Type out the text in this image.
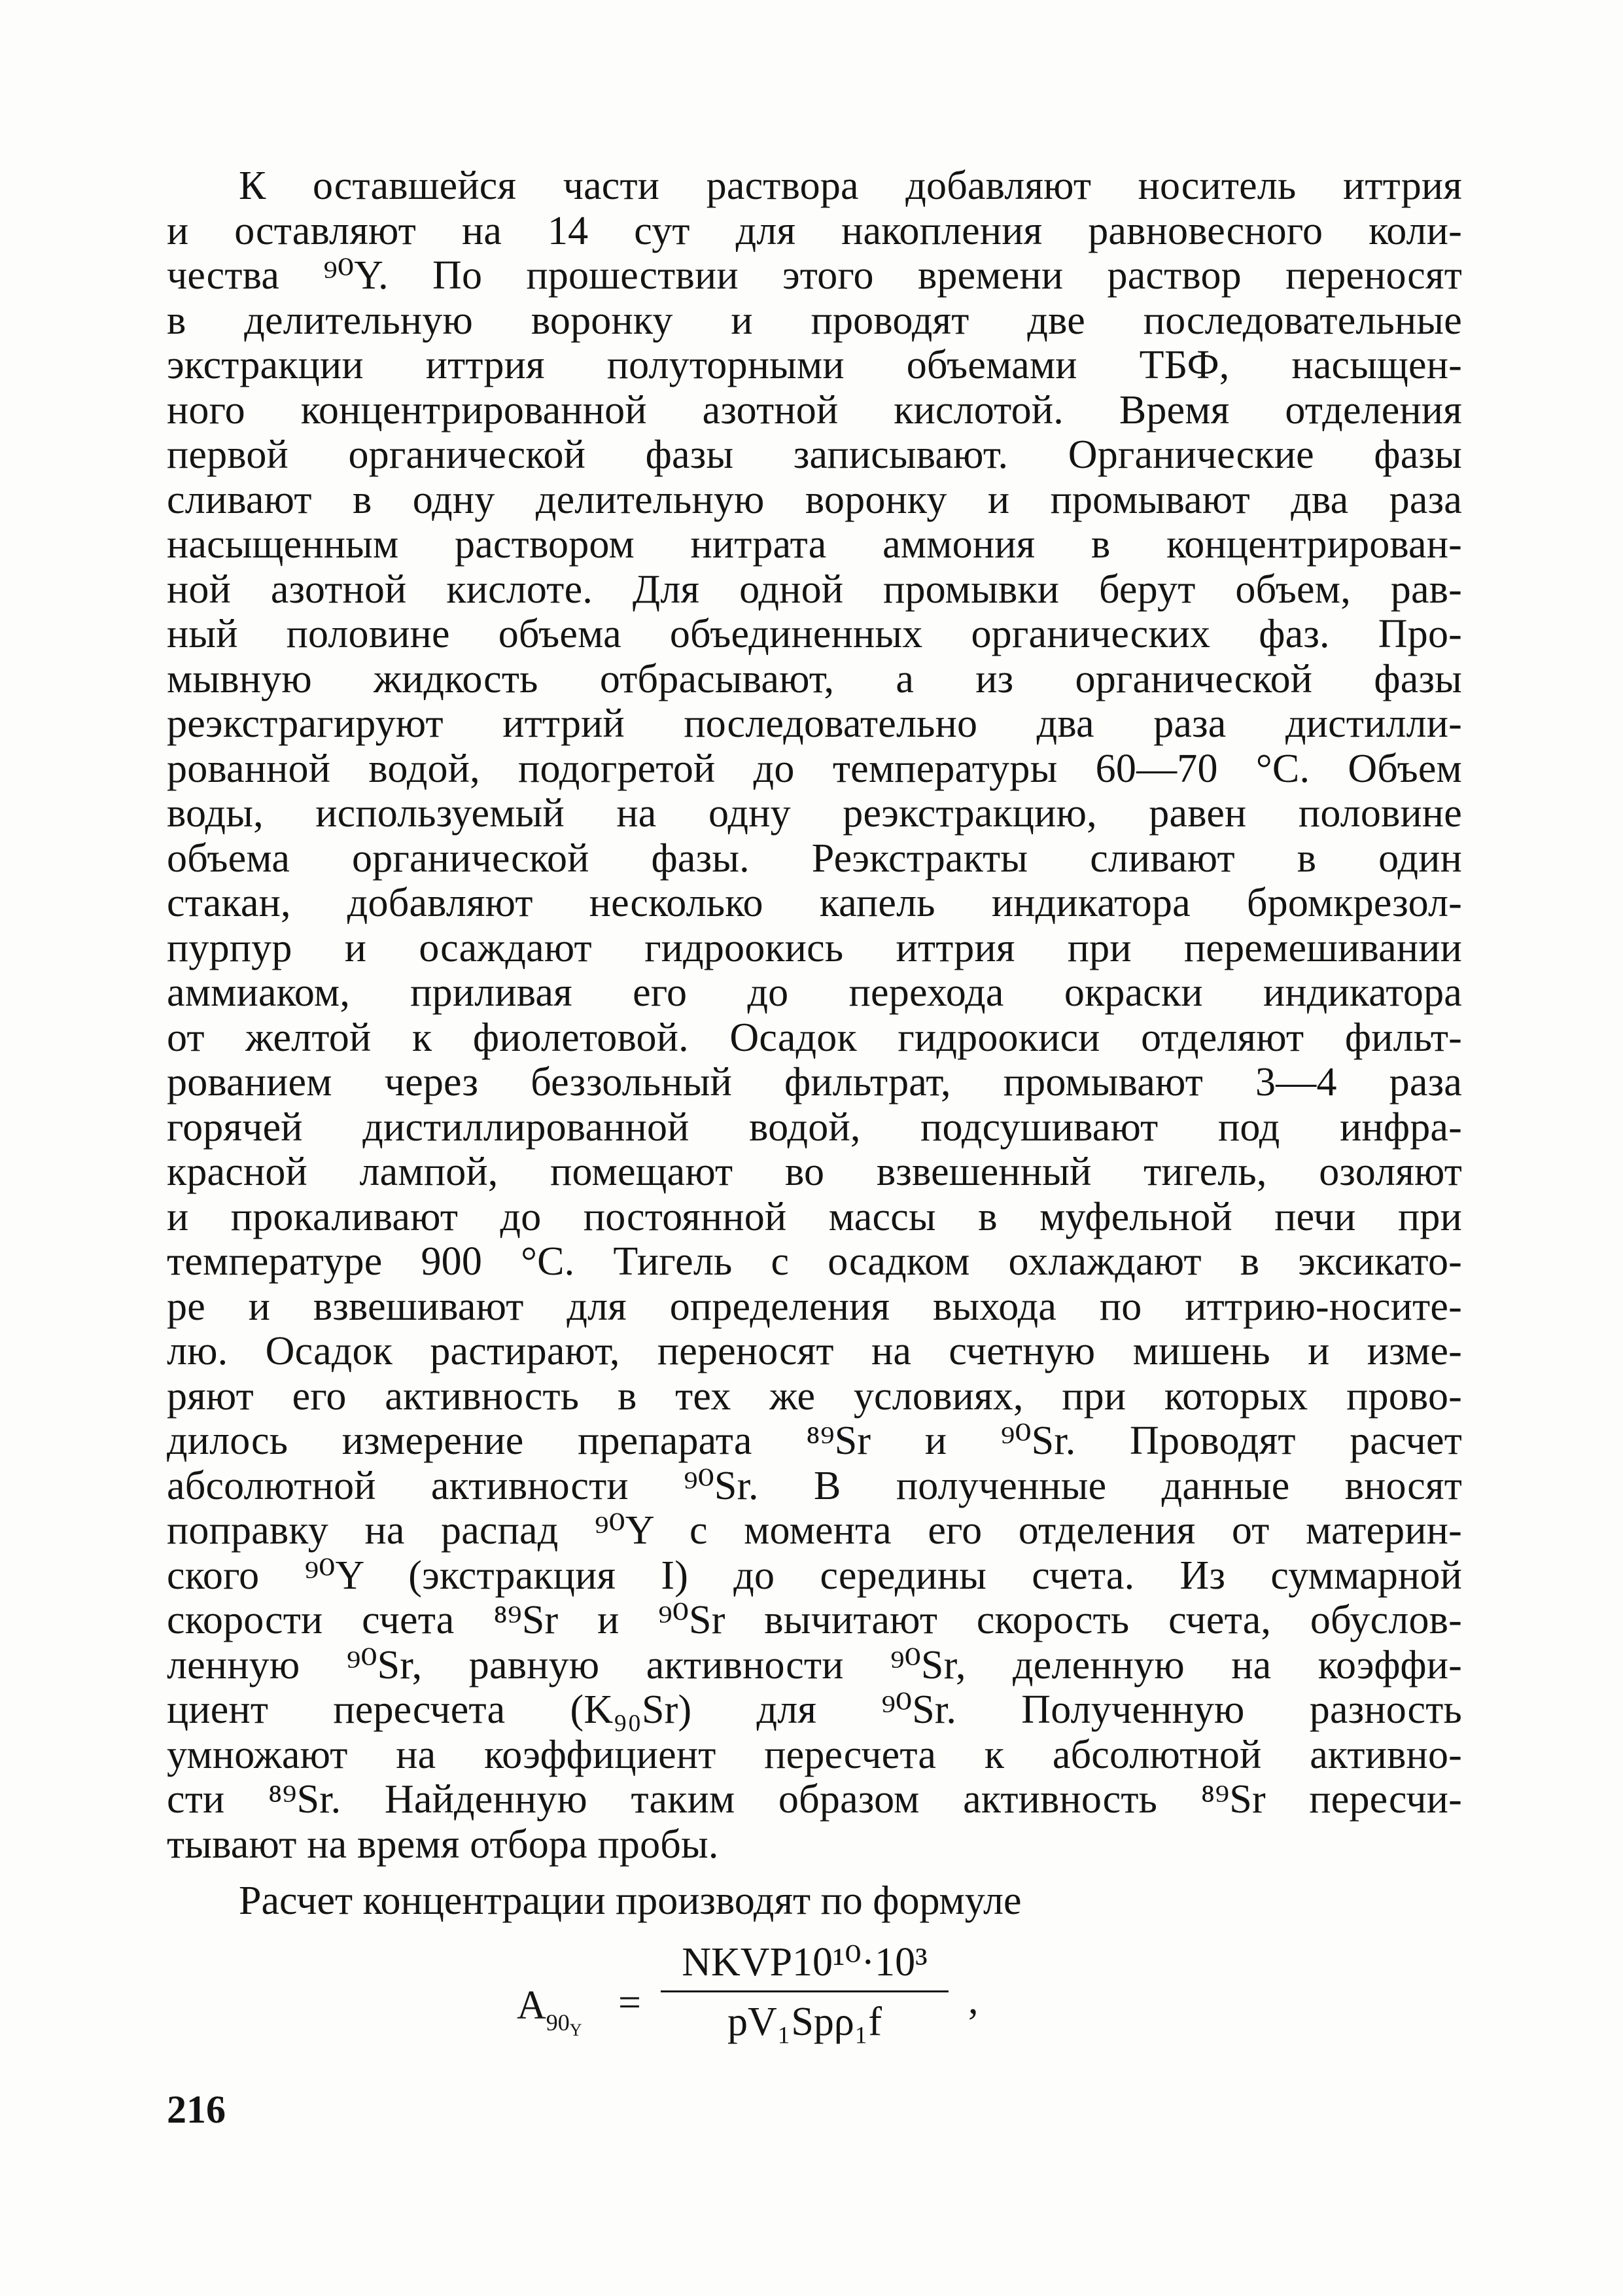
К оставшейся части раствора добавляют носитель иттрия
и оставляют на 14 сут для накопления равновесного коли-
чества ⁹⁰Y. По прошествии этого времени раствор переносят
в делительную воронку и проводят две последовательные
экстракции иттрия полуторными объемами ТБФ, насыщен-
ного концентрированной азотной кислотой. Время отделения
первой органической фазы записывают. Органические фазы
сливают в одну делительную воронку и промывают два раза
насыщенным раствором нитрата аммония в концентрирован-
ной азотной кислоте. Для одной промывки берут объем, рав-
ный половине объема объединенных органических фаз. Про-
мывную жидкость отбрасывают, а из органической фазы
реэкстрагируют иттрий последовательно два раза дистилли-
рованной водой, подогретой до температуры 60—70 °С. Объем
воды, используемый на одну реэкстракцию, равен половине
объема органической фазы. Реэкстракты сливают в один
стакан, добавляют несколько капель индикатора бромкрезол-
пурпур и осаждают гидроокись иттрия при перемешивании
аммиаком, приливая его до перехода окраски индикатора
от желтой к фиолетовой. Осадок гидроокиси отделяют фильт-
рованием через беззольный фильтрат, промывают 3—4 раза
горячей дистиллированной водой, подсушивают под инфра-
красной лампой, помещают во взвешенный тигель, озоляют
и прокаливают до постоянной массы в муфельной печи при
температуре 900 °С. Тигель с осадком охлаждают в эксикато-
ре и взвешивают для определения выхода по иттрию-носите-
лю. Осадок растирают, переносят на счетную мишень и изме-
ряют его активность в тех же условиях, при которых прово-
дилось измерение препарата ⁸⁹Sr и ⁹⁰Sr. Проводят расчет
абсолютной активности ⁹⁰Sr. В полученные данные вносят
поправку на распад ⁹⁰Y с момента его отделения от материн-
ского ⁹⁰Y (экстракция I) до середины счета. Из суммарной
скорости счета ⁸⁹Sr и ⁹⁰Sr вычитают скорость счета, обуслов-
ленную ⁹⁰Sr, равную активности ⁹⁰Sr, деленную на коэффи-
циент пересчета (K₉₀Sr) для ⁹⁰Sr. Полученную разность
умножают на коэффициент пересчета к абсолютной активно-
сти ⁸⁹Sr. Найденную таким образом активность ⁸⁹Sr пересчи-
тывают на время отбора пробы.
Расчет концентрации производят по формуле
$A_{90Y}$
=
NKVP10¹⁰·10³
pV₁Spρ₁f	,
216
